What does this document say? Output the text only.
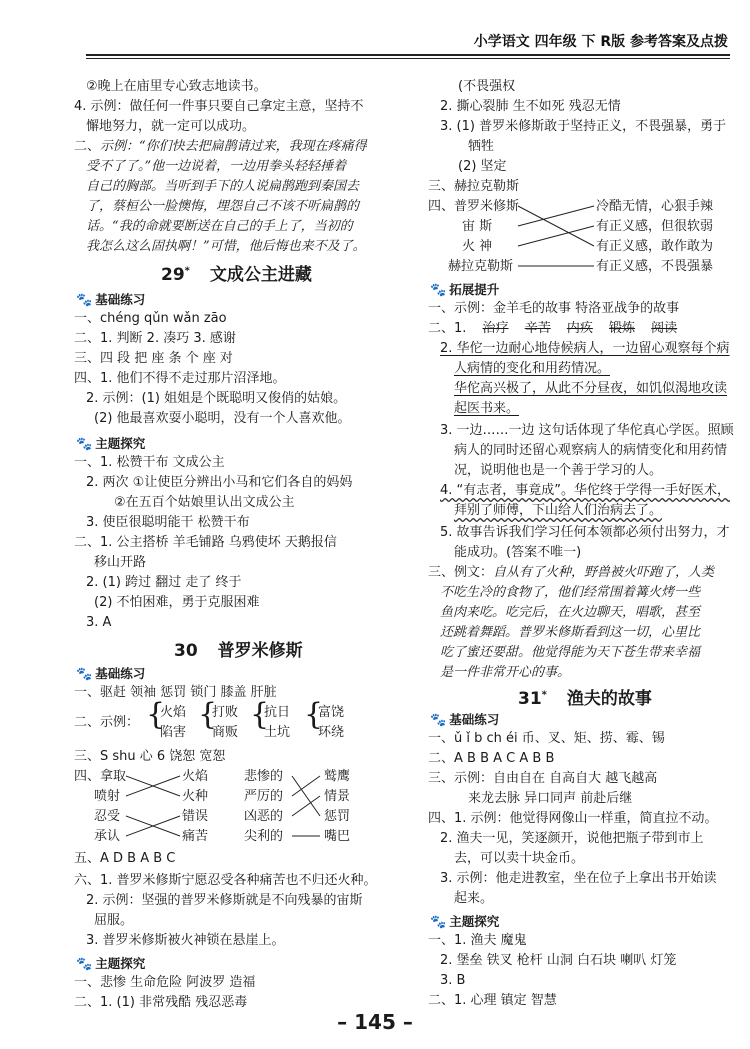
小学语文 四年级 下 R版 参考答案及点拨
②晚上在庙里专心致志地读书。
4. 示例：做任何一件事只要自己拿定主意，坚持不
懈地努力，就一定可以成功。
二、示例：“你们快去把扁鹊请过来，我现在疼痛得
受不了了。”他一边说着，一边用拳头轻轻捶着
自己的胸部。当听到手下的人说扁鹊跑到秦国去
了，蔡桓公一脸懊悔，埋怨自己不该不听扁鹊的
话。“我的命就要断送在自己的手上了，当初的
我怎么这么固执啊！”可惜，他后悔也来不及了。
29* 文成公主进藏
🐾 基础练习
一、chéng qǔn wǎn zāo
二、1. 判断 2. 凑巧 3. 感谢
三、四 段 把 座 条 个 座 对
四、1. 他们不得不走过那片沼泽地。
2. 示例：(1) 姐姐是个既聪明又俊俏的姑娘。
(2) 他最喜欢耍小聪明，没有一个人喜欢他。
🐾 主题探究
一、1. 松赞干布 文成公主
2. 两次 ①让使臣分辨出小马和它们各自的妈妈
②在五百个姑娘里认出文成公主
3. 使臣很聪明能干 松赞干布
二、1. 公主搭桥 羊毛铺路 乌鸦使坏 天鹅报信
移山开路
2. (1) 跨过 翻过 走了 终于
(2) 不怕困难，勇于克服困难
3. A
30 普罗米修斯
🐾 基础练习
一、驱赶 领袖 惩罚 锁门 膝盖 肝脏
二、示例： {
火焰
陷害
{
打败
商贩
{
抗日
土坑
{
富饶
环绕
三、S shu 心 6 饶恕 宽恕
四、拿取
喷射
忍受
承认
火焰
火种
错误
痛苦
悲惨的
严厉的
凶恶的
尖利的
鹫鹰
情景
惩罚
嘴巴
五、A D B A B C
六、1. 普罗米修斯宁愿忍受各种痛苦也不归还火种。
2. 示例：坚强的普罗米修斯就是不向残暴的宙斯
屈服。
3. 普罗米修斯被火神锁在悬崖上。
🐾 主题探究
一、悲惨 生命危险 阿波罗 造福
二、1. (1) 非常残酷 残忍恶毒
(不畏强权
2. 撕心裂肺 生不如死 残忍无情
3. (1) 普罗米修斯敢于坚持正义，不畏强暴，勇于
牺牲
(2) 坚定
三、赫拉克勒斯
四、普罗米修斯
宙 斯
火 神
赫拉克勒斯
冷酷无情，心狠手辣
有正义感，但很软弱
有正义感，敢作敢为
有正义感，不畏强暴
🐾 拓展提升
一、示例：金羊毛的故事 特洛亚战争的故事
二、1. 治疗 辛苦 内疚 锻炼 阅读
2. 华佗一边耐心地侍候病人，一边留心观察每个病
人病情的变化和用药情况。
华佗高兴极了，从此不分昼夜，如饥似渴地攻读
起医书来。
3. 一边……一边 这句话体现了华佗真心学医。照顾
病人的同时还留心观察病人的病情变化和用药情
况，说明他也是一个善于学习的人。
4. “有志者，事竟成”。华佗终于学得一手好医术，
拜别了师傅，下山给人们治病去了。
5. 故事告诉我们学习任何本领都必须付出努力，才
能成功。(答案不唯一)
三、例文：自从有了火种，野兽被火吓跑了，人类
不吃生冷的食物了，他们经常围着篝火烤一些
鱼肉来吃。吃完后，在火边聊天，唱歌，甚至
还跳着舞蹈。普罗米修斯看到这一切，心里比
吃了蜜还要甜。他觉得能为天下苍生带来幸福
是一件非常开心的事。
31* 渔夫的故事
🐾 基础练习
一、ǔ ǐ b ch éi 币、叉、矩、捞、霉、锡
二、A B B A C A B B
三、示例：自由自在 自高自大 越飞越高
来龙去脉 异口同声 前赴后继
四、1. 示例：他觉得网像山一样重，简直拉不动。
2. 渔夫一见，笑逐颜开，说他把瓶子带到市上
去，可以卖十块金币。
3. 示例：他走进教室，坐在位子上拿出书开始读
起来。
🐾 主题探究
一、1. 渔夫 魔鬼
2. 堡垒 铁叉 枪杆 山洞 白石块 喇叭 灯笼
3. B
二、1. 心理 镇定 智慧
– 145 –
